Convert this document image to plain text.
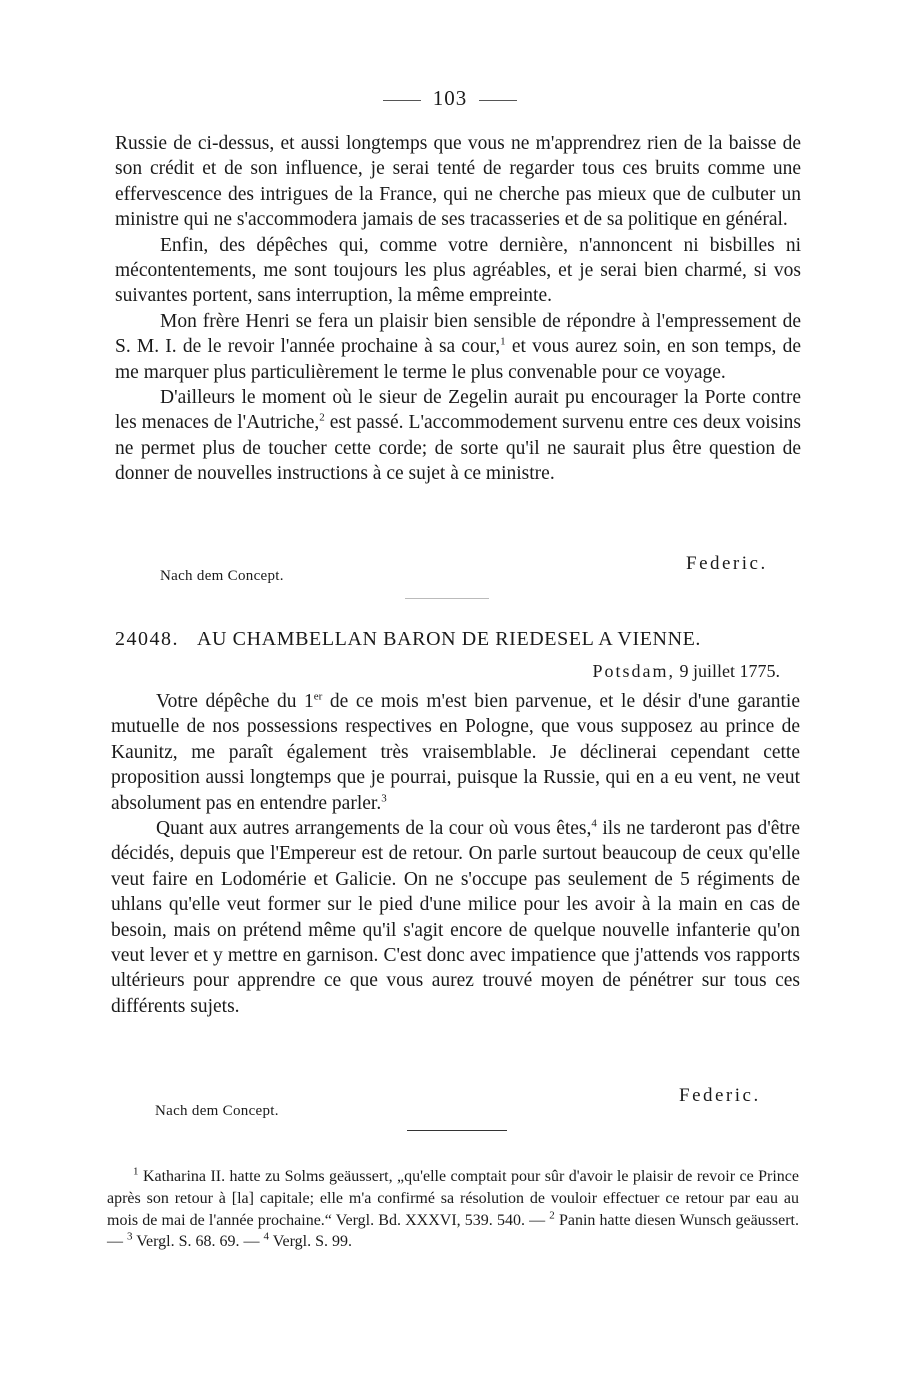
103

Russie de ci-dessus, et aussi longtemps que vous ne m'apprendrez rien de la baisse de son crédit et de son influence, je serai tenté de regarder tous ces bruits comme une effervescence des intrigues de la France, qui ne cherche pas mieux que de culbuter un ministre qui ne s'accommodera jamais de ses tracasseries et de sa politique en général.

Enfin, des dépêches qui, comme votre dernière, n'annoncent ni bisbilles ni mécontentements, me sont toujours les plus agréables, et je serai bien charmé, si vos suivantes portent, sans interruption, la même empreinte.

Mon frère Henri se fera un plaisir bien sensible de répondre à l'empressement de S. M. I. de le revoir l'année prochaine à sa cour,$^1$ et vous aurez soin, en son temps, de me marquer plus particulièrement le terme le plus convenable pour ce voyage.

D'ailleurs le moment où le sieur de Zegelin aurait pu encourager la Porte contre les menaces de l'Autriche,$^2$ est passé. L'accommodement survenu entre ces deux voisins ne permet plus de toucher cette corde; de sorte qu'il ne saurait plus être question de donner de nouvelles instructions à ce sujet à ce ministre.

Federic.
Nach dem Concept.
24048. AU CHAMBELLAN BARON DE RIEDESEL A VIENNE.
Potsdam, 9 juillet 1775.

Votre dépêche du 1er de ce mois m'est bien parvenue, et le désir d'une garantie mutuelle de nos possessions respectives en Pologne, que vous supposez au prince de Kaunitz, me paraît également très vraisemblable. Je déclinerai cependant cette proposition aussi longtemps que je pourrai, puisque la Russie, qui en a eu vent, ne veut absolument pas en entendre parler.$^3$

Quant aux autres arrangements de la cour où vous êtes,$^4$ ils ne tarderont pas d'être décidés, depuis que l'Empereur est de retour. On parle surtout beaucoup de ceux qu'elle veut faire en Lodomérie et Galicie. On ne s'occupe pas seulement de 5 régiments de uhlans qu'elle veut former sur le pied d'une milice pour les avoir à la main en cas de besoin, mais on prétend même qu'il s'agit encore de quelque nouvelle infanterie qu'on veut lever et y mettre en garnison. C'est donc avec impatience que j'attends vos rapports ultérieurs pour apprendre ce que vous aurez trouvé moyen de pénétrer sur tous ces différents sujets.

Federic.
Nach dem Concept.

$^1$ Katharina II. hatte zu Solms geäussert, „qu'elle comptait pour sûr d'avoir le plaisir de revoir ce Prince après son retour à [la] capitale; elle m'a confirmé sa résolution de vouloir effectuer ce retour par eau au mois de mai de l'année prochaine.“ Vergl. Bd. XXXVI, 539. 540. — $^2$ Panin hatte diesen Wunsch geäussert. — $^3$ Vergl. S. 68. 69. — $^4$ Vergl. S. 99.
